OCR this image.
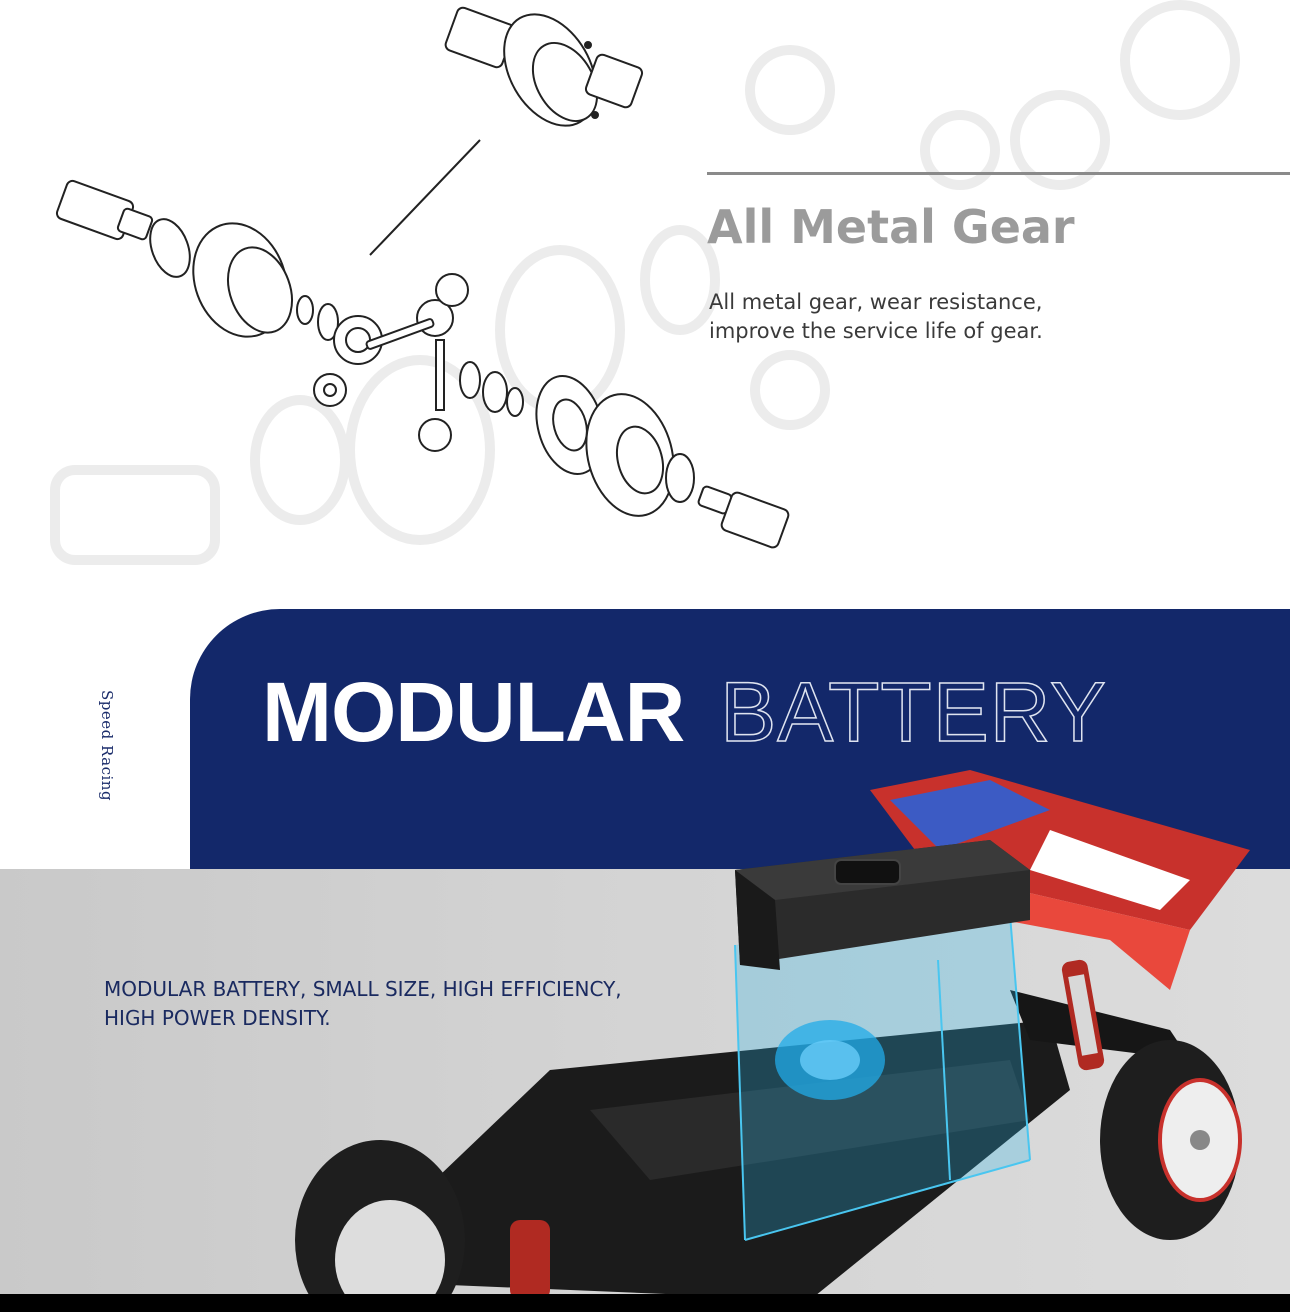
All Metal Gear
All metal gear, wear resistance,
improve the service life of gear.
Speed Racing MODULAR BATTERY
MODULAR BATTERY, SMALL SIZE, HIGH EFFICIENCY,
HIGH POWER DENSITY.
